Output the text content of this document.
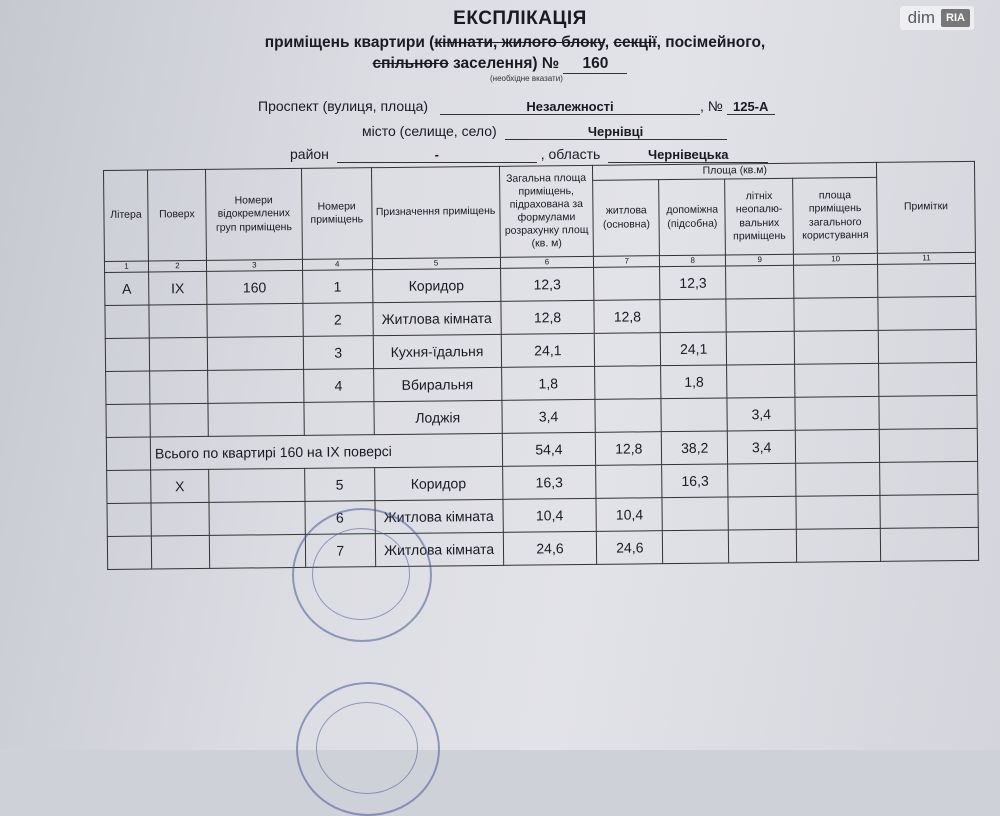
dim	RIA
ЕКСПЛІКАЦІЯ
приміщень квартири (кімнати, жилого блоку, секції, посімейного,
спільного заселення) № 160
(необхідне вказати)
Проспект (вулиця, площа)	Незалежності	, № 125-А
місто (селище, село)	Чернівці
район	-	, область	Чернівецька
Літера	Поверх	Номери відокремлених груп приміщень	Номери приміщень	Призначення приміщень	Загальна площа приміщень, підрахована за формулами розрахунку площ (кв. м)	Площа (кв.м)				Примітки
						житлова (основна)	допоміжна (підсобна)	літніх неопалю-вальних приміщень	площа приміщень загального користування	
1	2	3	4	5	6	7	8	9	10	11
А	IX	160	1	Коридор	12,3		12,3			
			2	Житлова кімната	12,8	12,8				
			3	Кухня-їдальня	24,1		24,1			
			4	Вбиральня	1,8		1,8			
				Лоджія	3,4			3,4		
	Всього по квартирі 160 на IX поверсі				54,4	12,8	38,2	3,4		
	X		5	Коридор	16,3		16,3			
			6	Житлова кімната	10,4	10,4				
			7	Житлова кімната	24,6	24,6				
